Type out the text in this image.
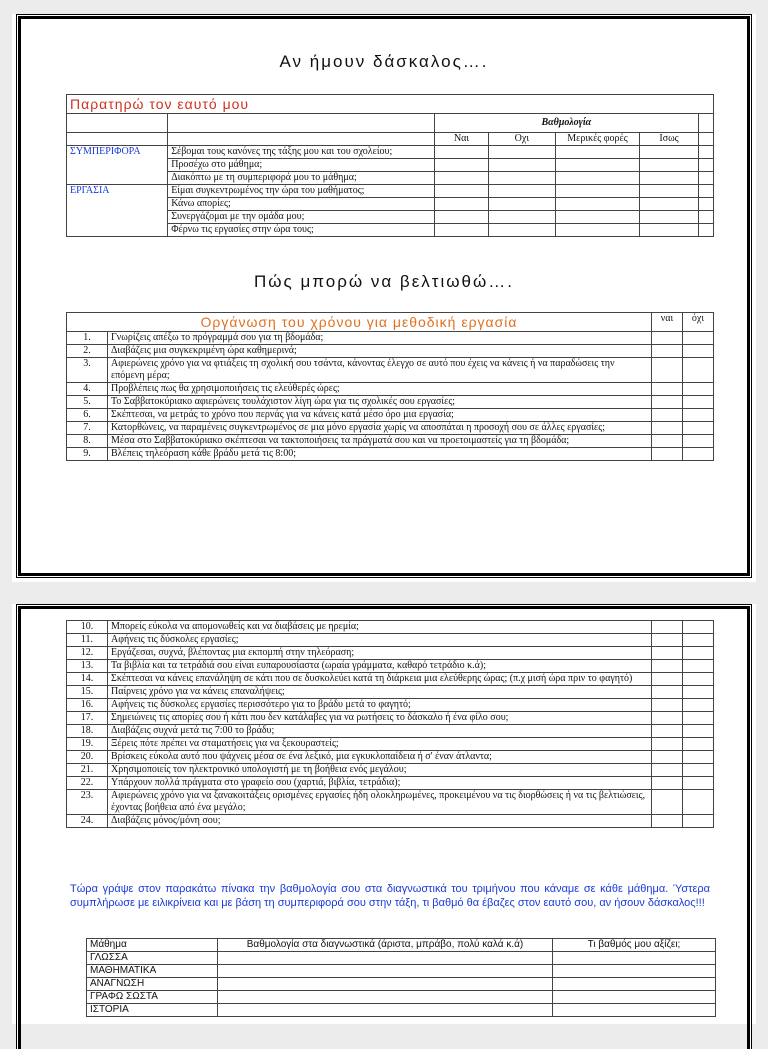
Αν ήμουν δάσκαλος….
Παρατηρώ τον εαυτό μου						
		Βαθμολογία				
		Ναι	Οχι	Μερικές φορές	Ισως	
ΣΥΜΠΕΡΙΦΟΡΑ	Σέβομαι τους κανόνες της τάξης μου και του σχολείου;					
	Προσέχω στο μάθημα;					
	Διακόπτω με τη συμπεριφορά μου το μάθημα;					
ΕΡΓΑΣΙΑ	Είμαι συγκεντρωμένος την ώρα του μαθήματος;					
	Κάνω απορίες;					
	Συνεργάζομαι με την ομάδα μου;					
	Φέρνω τις εργασίες στην ώρα τους;					
Πώς μπορώ να βελτιωθώ….
Οργάνωση του χρόνου για μεθοδική εργασία		ναι	όχι
1.	Γνωρίζεις απέξω το πρόγραμμά σου για τη βδομάδα;		
2.	Διαβάζεις μια συγκεκριμένη ώρα καθημερινά;		
3.	Αφιερώνεις χρόνο για να φτιάξεις τη σχολική σου τσάντα, κάνοντας έλεγχο σε αυτό που έχεις να κάνεις ή να παραδώσεις την επόμενη μέρα;		
4.	Προβλέπεις πως θα χρησιμοποιήσεις τις ελεύθερές ώρες;		
5.	Το Σαββατοκύριακο αφιερώνεις τουλάχιστον λίγη ώρα για τις σχολικές σου εργασίες;		
6.	Σκέπτεσαι, να μετράς το χρόνο που περνάς για να κάνεις κατά μέσο όρο μια εργασία;		
7.	Κατορθώνεις, να παραμένεις συγκεντρωμένος σε μια μόνο εργασία χωρίς να αποσπάται η προσοχή σου σε άλλες εργασίες;		
8.	Μέσα στο Σαββατοκύριακο σκέπτεσαι να τακτοποιήσεις τα πράγματά σου και να προετοιμαστείς για τη βδομάδα;		
9.	Βλέπεις τηλεόραση κάθε βράδυ μετά τις 8:00;		
10.	Μπορείς εύκολα να απομονωθείς και να διαβάσεις με ηρεμία;		
11.	Αφήνεις τις δύσκολες εργασίες;		
12.	Εργάζεσαι, συχνά, βλέποντας μια εκπομπή στην τηλεόραση;		
13.	Τα βιβλία και τα τετράδιά σου είναι ευπαρουσίαστα (ωραία γράμματα, καθαρό τετράδιο κ.ά);		
14.	Σκέπτεσαι να κάνεις επανάληψη σε κάτι που σε δυσκολεύει κατά τη διάρκεια μια ελεύθερης ώρας; (π.χ μισή ώρα πριν το φαγητό)		
15.	Παίρνεις χρόνο για να κάνεις επαναλήψεις;		
16.	Αφήνεις τις δύσκολες εργασίες περισσότερο για το βράδυ μετά το φαγητό;		
17.	Σημειώνεις τις απορίες σου ή κάτι που δεν κατάλαβες για να ρωτήσεις το δάσκαλο ή ένα φίλο σου;		
18.	Διαβάζεις συχνά μετά τις 7:00 το βράδυ;		
19.	Ξέρεις πότε πρέπει να σταματήσεις για να ξεκουραστείς;		
20.	Βρίσκεις εύκολα αυτό που ψάχνεις μέσα σε ένα λεξικό, μια εγκυκλοπαίδεια ή σ' έναν άτλαντα;		
21.	Χρησιμοποιείς τον ηλεκτρονικό υπολογιστή με τη βοήθεια ενός μεγάλου;		
22.	Υπάρχουν πολλά πράγματα στο γραφείο σου (χαρτιά, βιβλία, τετράδια);		
23.	Αφιερώνεις χρόνο για να ξανακοιτάξεις ορισμένες εργασίες ήδη ολοκληρωμένες, προκειμένου να τις διορθώσεις ή να τις βελτιώσεις, έχοντας βοήθεια από ένα μεγάλο;		
24.	Διαβάζεις μόνος/μόνη σου;		
Τώρα γράψε στον παρακάτω πίνακα την βαθμολογία σου στα διαγνωστικά του τριμήνου που κάναμε σε κάθε μάθημα. Ύστερα συμπλήρωσε με ειλικρίνεια και με βάση τη συμπεριφορά σου στην τάξη, τι βαθμό θα έβαζες στον εαυτό σου, αν ήσουν δάσκαλος!!!
Μάθημα	Βαθμολογία στα διαγνωστικά (άριστα, μπράβο, πολύ καλά κ.ά)	Τι βαθμός μου αξίζει;
ΓΛΩΣΣΑ		
ΜΑΘΗΜΑΤΙΚΑ		
ΑΝΑΓΝΩΣΗ		
ΓΡΑΦΩ ΣΩΣΤΑ		
ΙΣΤΟΡΙΑ		
